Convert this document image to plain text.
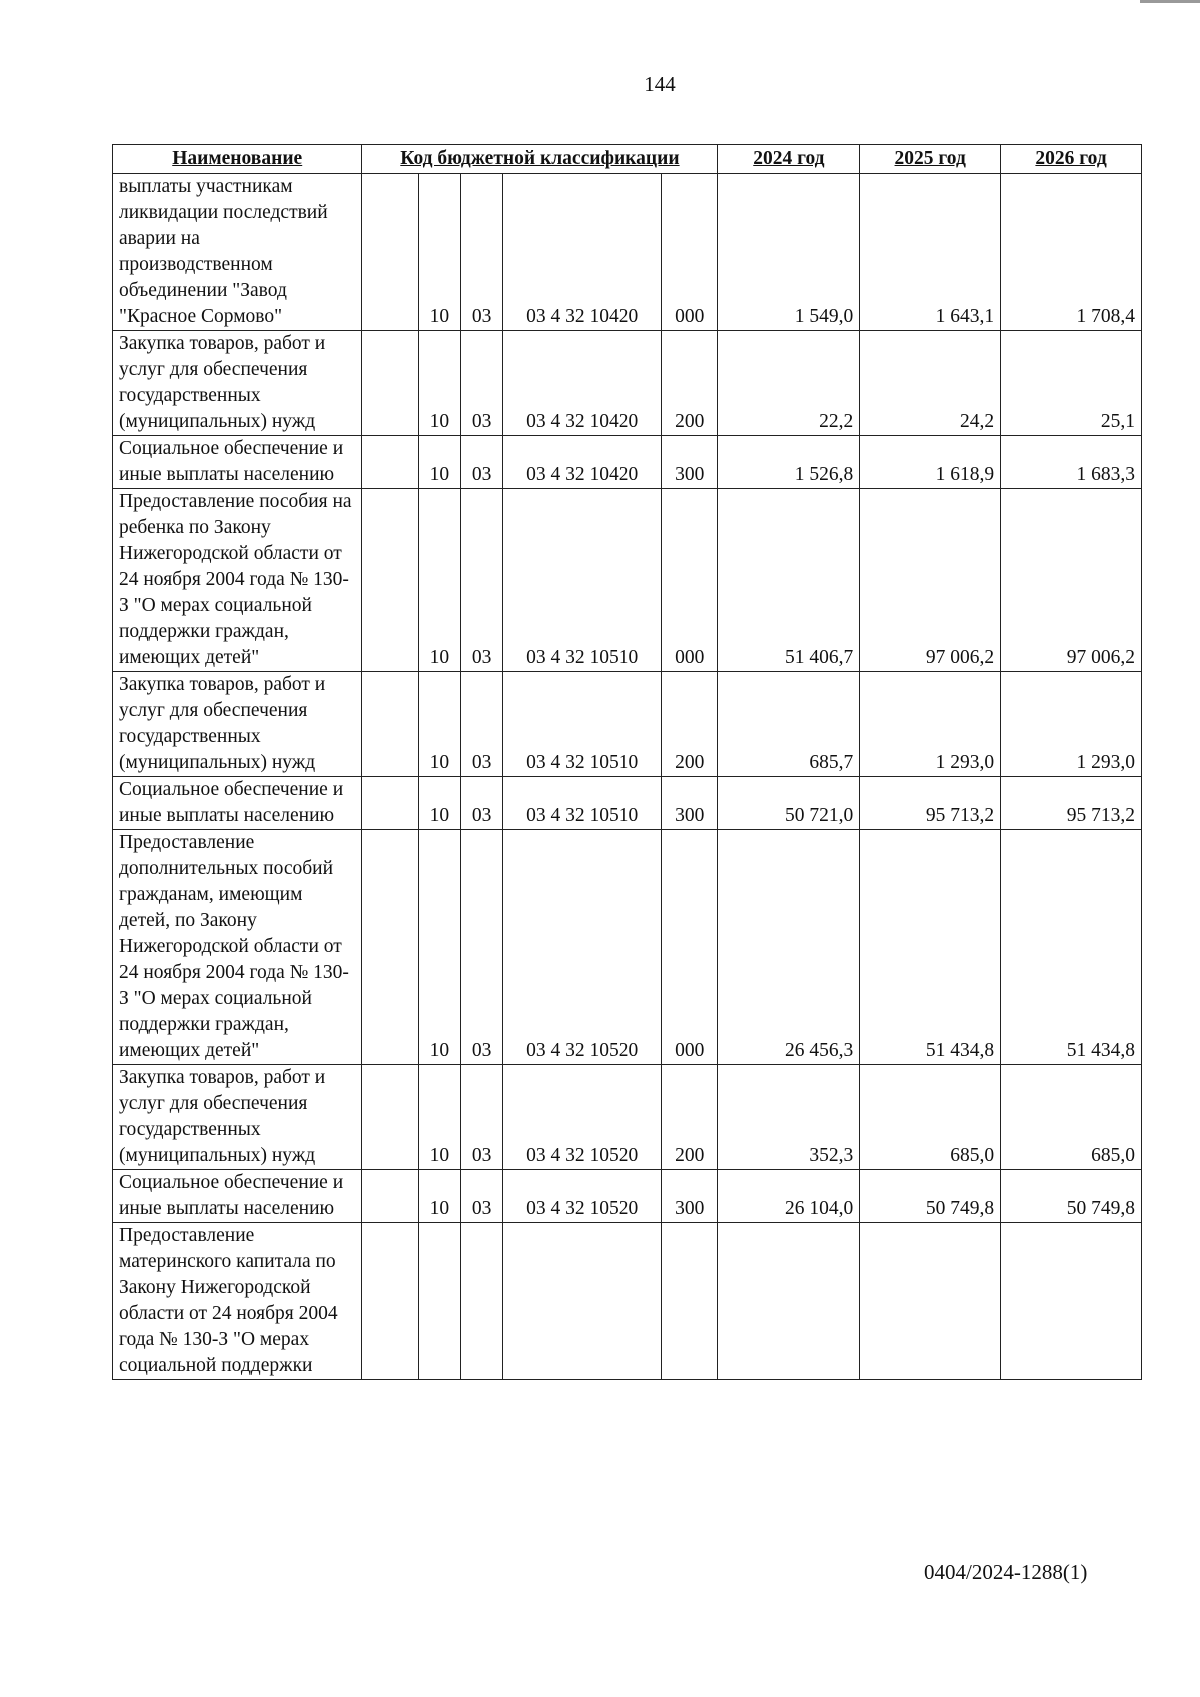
144
Наименование	Код бюджетной классификации					2024 год	2025 год	2026 год
выплаты участникам ликвидации последствий аварии на производственном объединении "Завод "Красное Сормово"		10	03	03 4 32 10420	000	1 549,0	1 643,1	1 708,4
Закупка товаров, работ и услуг для обеспечения государственных (муниципальных) нужд		10	03	03 4 32 10420	200	22,2	24,2	25,1
Социальное обеспечение и иные выплаты населению		10	03	03 4 32 10420	300	1 526,8	1 618,9	1 683,3
Предоставление пособия на ребенка по Закону Нижегородской области от 24 ноября 2004 года № 130-З "О мерах социальной поддержки граждан, имеющих детей"		10	03	03 4 32 10510	000	51 406,7	97 006,2	97 006,2
Закупка товаров, работ и услуг для обеспечения государственных (муниципальных) нужд		10	03	03 4 32 10510	200	685,7	1 293,0	1 293,0
Социальное обеспечение и иные выплаты населению		10	03	03 4 32 10510	300	50 721,0	95 713,2	95 713,2
Предоставление дополнительных пособий гражданам, имеющим детей, по Закону Нижегородской области от 24 ноября 2004 года № 130-З "О мерах социальной поддержки граждан, имеющих детей"		10	03	03 4 32 10520	000	26 456,3	51 434,8	51 434,8
Закупка товаров, работ и услуг для обеспечения государственных (муниципальных) нужд		10	03	03 4 32 10520	200	352,3	685,0	685,0
Социальное обеспечение и иные выплаты населению		10	03	03 4 32 10520	300	26 104,0	50 749,8	50 749,8
Предоставление материнского капитала по Закону Нижегородской области от 24 ноября 2004 года № 130-З "О мерах социальной поддержки								
0404/2024-1288(1)
